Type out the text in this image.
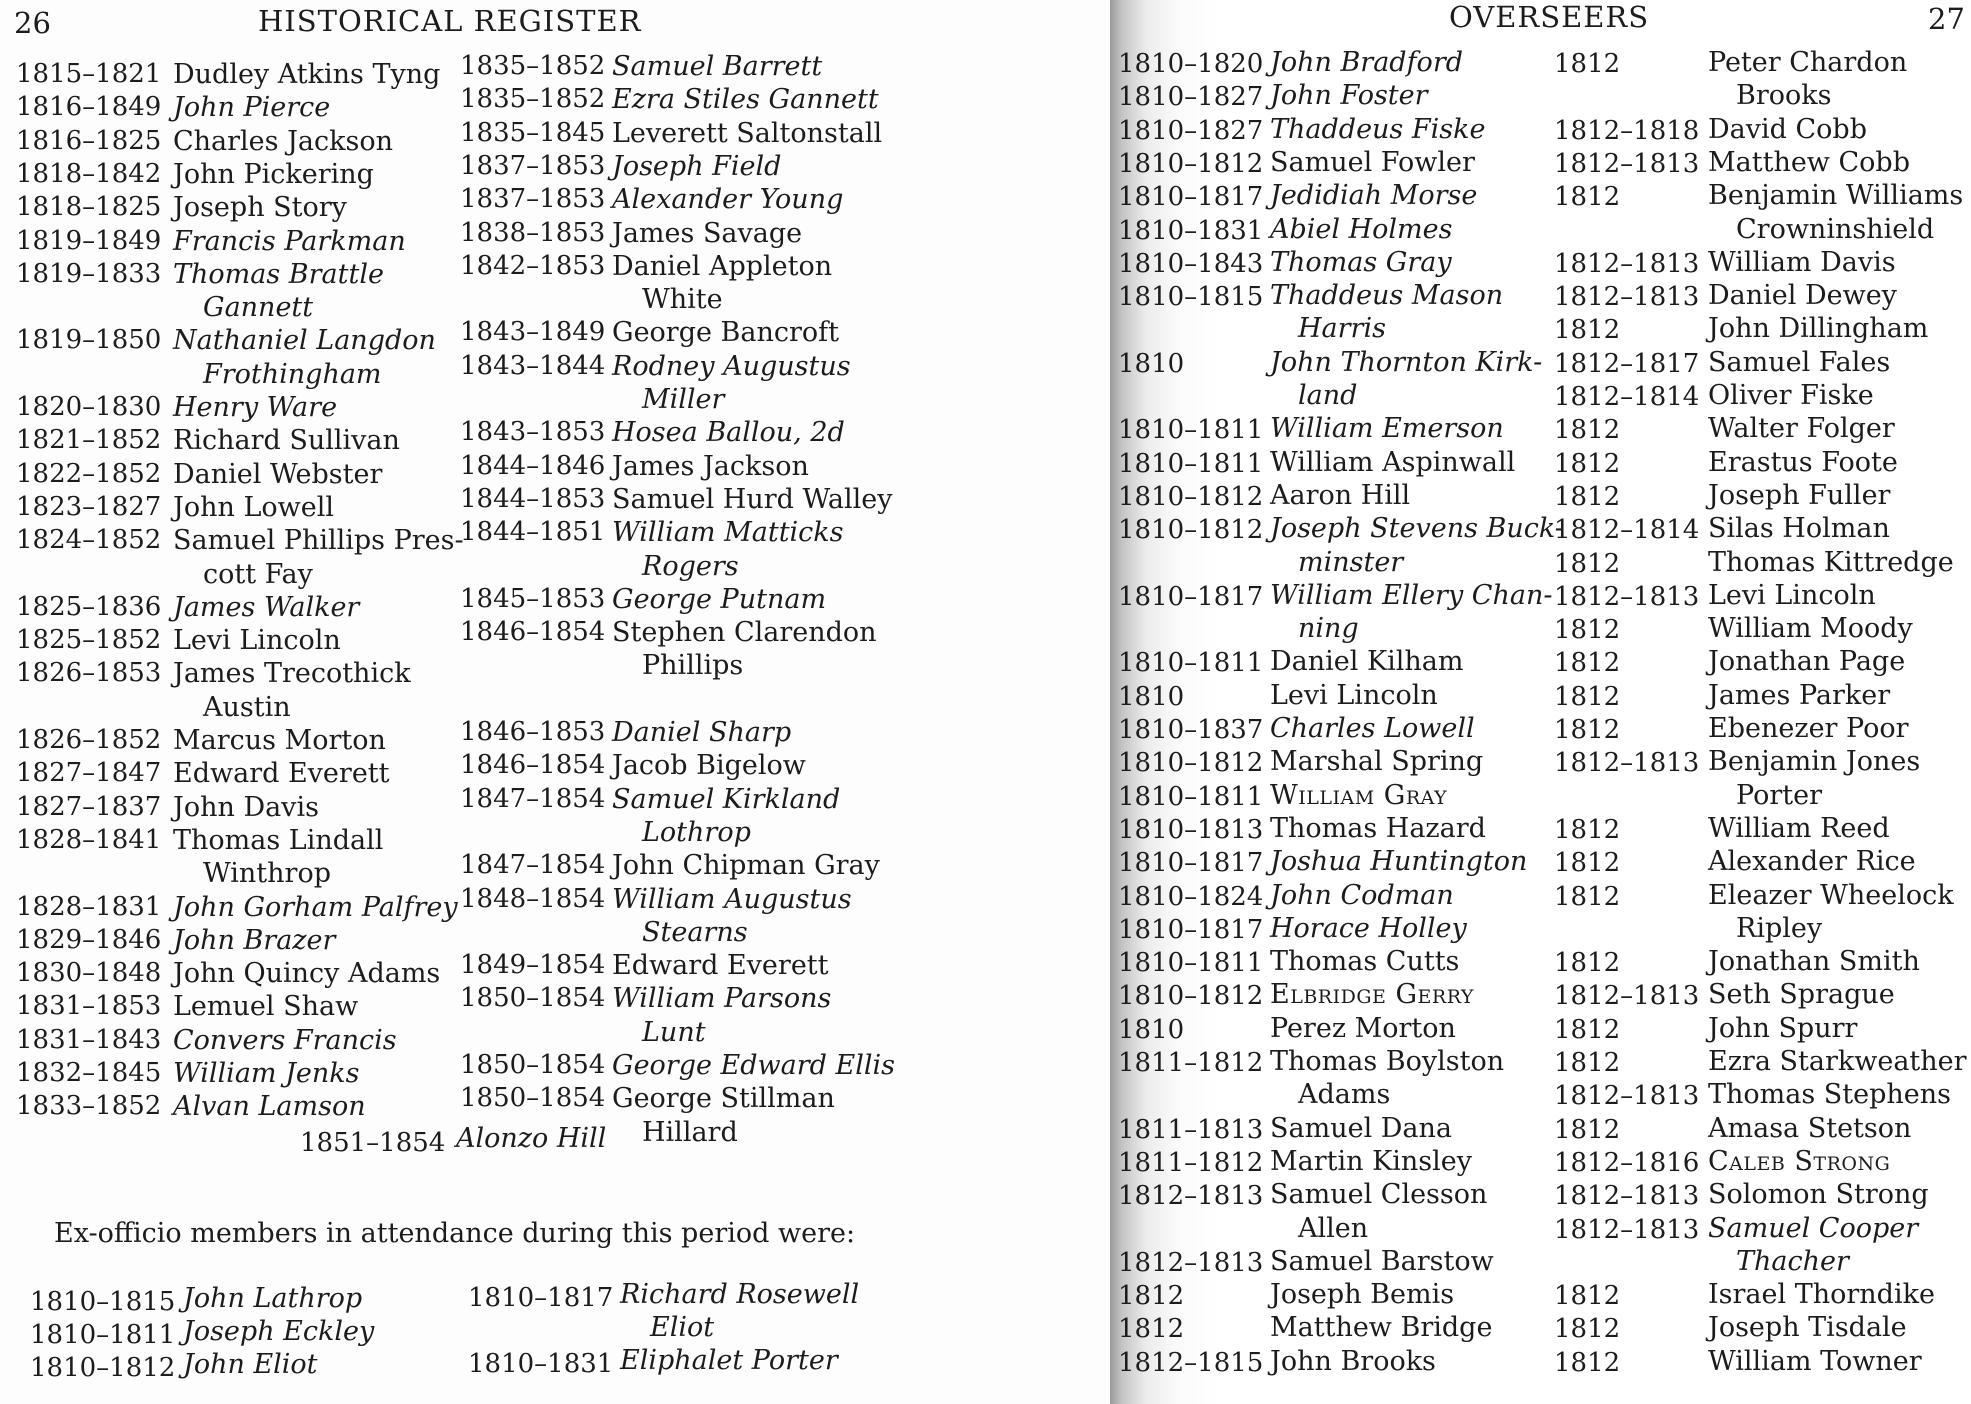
26	HISTORICAL REGISTER
1815–1821
1816–1849
1816–1825
1818–1842
1818–1825
1819–1849
1819–1833
1819–1850
1820–1830
1821–1852
1822–1852
1823–1827
1824–1852
1825–1836
1825–1852
1826–1853
1826–1852
1827–1847
1827–1837
1828–1841
1828–1831
1829–1846
1830–1848
1831–1853
1831–1843
1832–1845
1833–1852
Dudley Atkins Tyng
John Pierce
Charles Jackson
John Pickering
Joseph Story
Francis Parkman
Thomas Brattle
Gannett
Nathaniel Langdon
Frothingham
Henry Ware
Richard Sullivan
Daniel Webster
John Lowell
Samuel Phillips Pres-
cott Fay
James Walker
Levi Lincoln
James Trecothick
Austin
Marcus Morton
Edward Everett
John Davis
Thomas Lindall
Winthrop
John Gorham Palfrey
John Brazer
John Quincy Adams
Lemuel Shaw
Convers Francis
William Jenks
Alvan Lamson
1835–1852
1835–1852
1835–1845
1837–1853
1837–1853
1838–1853
1842–1853
1843–1849
1843–1844
1843–1853
1844–1846
1844–1853
1844–1851
1845–1853
1846–1854
1846–1853
1846–1854
1847–1854
1847–1854
1848–1854
1849–1854
1850–1854
1850–1854
1850–1854
Samuel Barrett
Ezra Stiles Gannett
Leverett Saltonstall
Joseph Field
Alexander Young
James Savage
Daniel Appleton
White
George Bancroft
Rodney Augustus
Miller
Hosea Ballou, 2d
James Jackson
Samuel Hurd Walley
William Matticks
Rogers
George Putnam
Stephen Clarendon
Phillips
Daniel Sharp
Jacob Bigelow
Samuel Kirkland
Lothrop
John Chipman Gray
William Augustus
Stearns
Edward Everett
William Parsons
Lunt
George Edward Ellis
George Stillman
Hillard
1851–1854 Alonzo Hill
Ex-officio members in attendance during this period were:
1810–1815
1810–1811
1810–1812
John Lathrop
Joseph Eckley
John Eliot
1810–1817
1810–1831
Richard Rosewell
Eliot
Eliphalet Porter
OVERSEERS	27
1810–1820
1810–1827
1810–1827
1810–1812
1810–1817
1810–1831
1810–1843
1810–1815
1810
1810–1811
1810–1811
1810–1812
1810–1812
1810–1817
1810–1811
1810
1810–1837
1810–1812
1810–1811
1810–1813
1810–1817
1810–1824
1810–1817
1810–1811
1810–1812
1810
1811–1812
1811–1813
1811–1812
1812–1813
1812–1813
1812
1812
1812–1815
John Bradford
John Foster
Thaddeus Fiske
Samuel Fowler
Jedidiah Morse
Abiel Holmes
Thomas Gray
Thaddeus Mason
Harris
John Thornton Kirk-
land
William Emerson
William Aspinwall
Aaron Hill
Joseph Stevens Buck-
minster
William Ellery Chan-
ning
Daniel Kilham
Levi Lincoln
Charles Lowell
Marshal Spring
William Gray
Thomas Hazard
Joshua Huntington
John Codman
Horace Holley
Thomas Cutts
Elbridge Gerry
Perez Morton
Thomas Boylston
Adams
Samuel Dana
Martin Kinsley
Samuel Clesson
Allen
Samuel Barstow
Joseph Bemis
Matthew Bridge
John Brooks
1812
1812–1818
1812–1813
1812
1812–1813
1812–1813
1812
1812–1817
1812–1814
1812
1812
1812
1812–1814
1812
1812–1813
1812
1812
1812
1812
1812–1813
1812
1812
1812
1812
1812–1813
1812
1812
1812–1813
1812
1812–1816
1812–1813
1812–1813
1812
1812
1812
Peter Chardon
Brooks
David Cobb
Matthew Cobb
Benjamin Williams
Crowninshield
William Davis
Daniel Dewey
John Dillingham
Samuel Fales
Oliver Fiske
Walter Folger
Erastus Foote
Joseph Fuller
Silas Holman
Thomas Kittredge
Levi Lincoln
William Moody
Jonathan Page
James Parker
Ebenezer Poor
Benjamin Jones
Porter
William Reed
Alexander Rice
Eleazer Wheelock
Ripley
Jonathan Smith
Seth Sprague
John Spurr
Ezra Starkweather
Thomas Stephens
Amasa Stetson
Caleb Strong
Solomon Strong
Samuel Cooper
Thacher
Israel Thorndike
Joseph Tisdale
William Towner
